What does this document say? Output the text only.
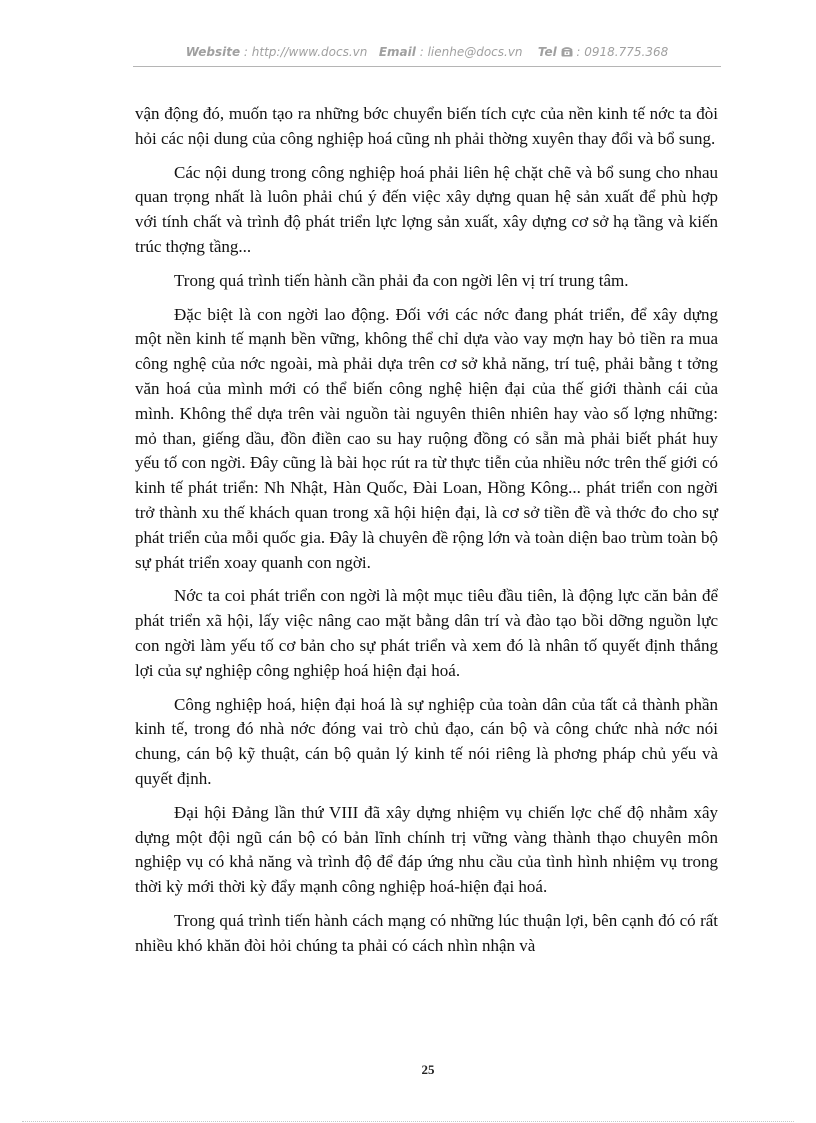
Website : http://www.docs.vn Email : lienhe@docs.vn Tel  : 0918.775.368

vận động đó, muốn tạo ra những bớc chuyển biến tích cực của nền kinh tế nớc ta đòi hỏi các nội dung của công nghiệp hoá cũng nh phải thờng xuyên thay đổi và bổ sung.

Các nội dung trong công nghiệp hoá phải liên hệ chặt chẽ và bổ sung cho nhau quan trọng nhất là luôn phải chú ý đến việc xây dựng quan hệ sản xuất để phù hợp với tính chất và trình độ phát triển lực lợng sản xuất, xây dựng cơ sở hạ tầng và kiến trúc thợng tầng...

Trong quá trình tiến hành cần phải đa con ngời lên vị trí trung tâm.

Đặc biệt là con ngời lao động. Đối với các nớc đang phát triển, để xây dựng một nền kinh tế mạnh bền vững, không thể chỉ dựa vào vay mợn hay bỏ tiền ra mua công nghệ của nớc ngoài, mà phải dựa trên cơ sở khả năng, trí tuệ, phải bằng t tởng văn hoá của mình mới có thể biến công nghệ hiện đại của thế giới thành cái của mình. Không thể dựa trên vài nguồn tài nguyên thiên nhiên hay vào số lợng những: mỏ than, giếng dầu, đồn điền cao su hay ruộng đồng có sẵn mà phải biết phát huy yếu tố con ngời. Đây cũng là bài học rút ra từ thực tiễn của nhiều nớc trên thế giới có kinh tế phát triển: Nh Nhật, Hàn Quốc, Đài Loan, Hồng Kông... phát triển con ngời trở thành xu thế khách quan trong xã hội hiện đại, là cơ sở tiền đề và thớc đo cho sự phát triển của mỗi quốc gia. Đây là chuyên đề rộng lớn và toàn diện bao trùm toàn bộ sự phát triển xoay quanh con ngời.

Nớc ta coi phát triển con ngời là một mục tiêu đầu tiên, là động lực căn bản để phát triển xã hội, lấy việc nâng cao mặt bằng dân trí và đào tạo bồi dỡng nguồn lực con ngời làm yếu tố cơ bản cho sự phát triển và xem đó là nhân tố quyết định thắng lợi của sự nghiệp công nghiệp hoá hiện đại hoá.

Công nghiệp hoá, hiện đại hoá là sự nghiệp của toàn dân của tất cả thành phần kinh tế, trong đó nhà nớc đóng vai trò chủ đạo, cán bộ và công chức nhà nớc nói chung, cán bộ kỹ thuật, cán bộ quản lý kinh tế nói riêng là phơng pháp chủ yếu và quyết định.

Đại hội Đảng lần thứ VIII đã xây dựng nhiệm vụ chiến lợc chế độ nhằm xây dựng một đội ngũ cán bộ có bản lĩnh chính trị vững vàng thành thạo chuyên môn nghiệp vụ có khả năng và trình độ để đáp ứng nhu cầu của tình hình nhiệm vụ trong thời kỳ mới thời kỳ đẩy mạnh công nghiệp hoá-hiện đại hoá.

Trong quá trình tiến hành cách mạng có những lúc thuận lợi, bên cạnh đó có rất nhiều khó khăn đòi hỏi chúng ta phải có cách nhìn nhận và

25
